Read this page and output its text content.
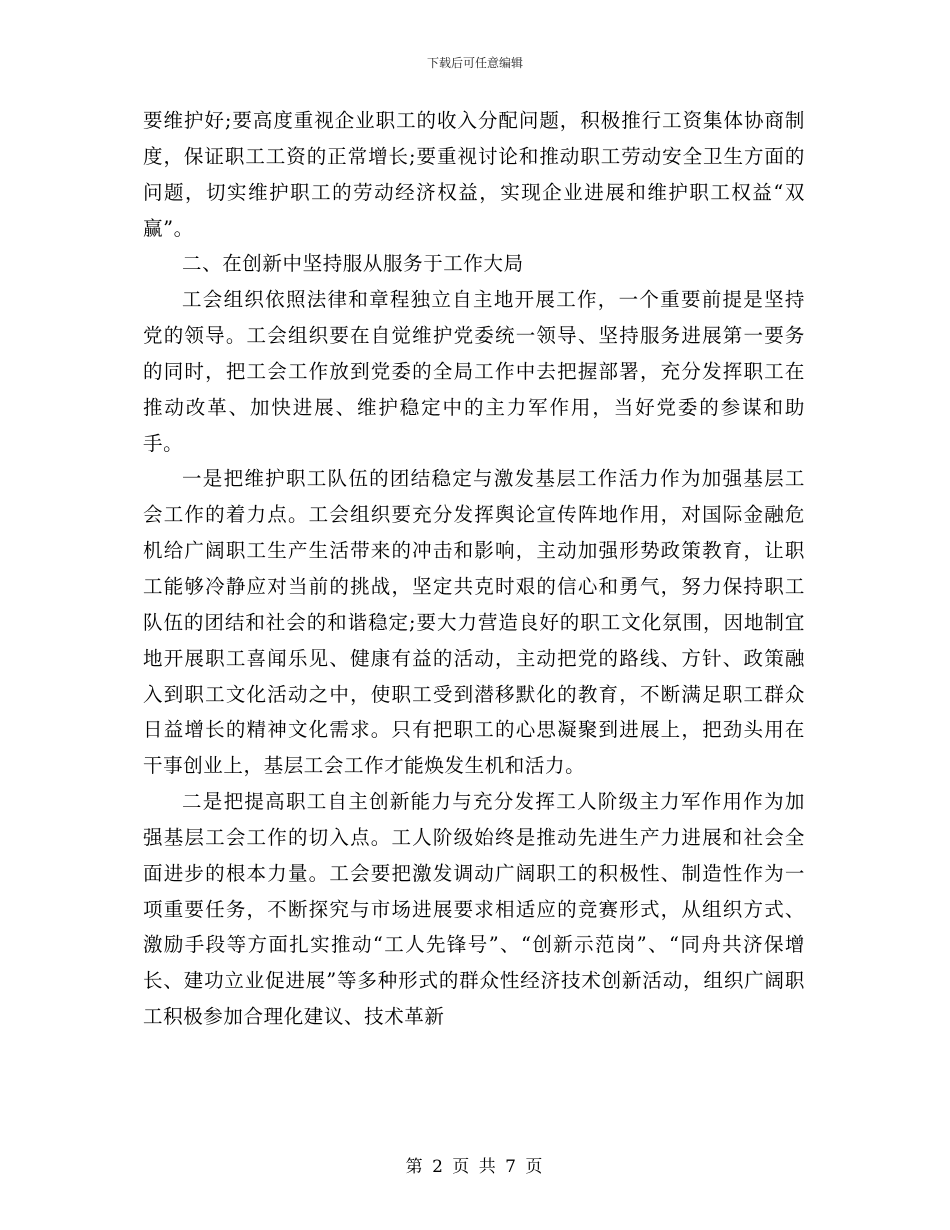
下载后可任意编辑

要维护好;要高度重视企业职工的收入分配问题，积极推行工资集体协商制度，保证职工工资的正常增长;要重视讨论和推动职工劳动安全卫生方面的问题，切实维护职工的劳动经济权益，实现企业进展和维护职工权益“双赢”。

二、在创新中坚持服从服务于工作大局

工会组织依照法律和章程独立自主地开展工作，一个重要前提是坚持党的领导。工会组织要在自觉维护党委统一领导、坚持服务进展第一要务的同时，把工会工作放到党委的全局工作中去把握部署，充分发挥职工在推动改革、加快进展、维护稳定中的主力军作用，当好党委的参谋和助手。

一是把维护职工队伍的团结稳定与激发基层工作活力作为加强基层工会工作的着力点。工会组织要充分发挥舆论宣传阵地作用，对国际金融危机给广阔职工生产生活带来的冲击和影响，主动加强形势政策教育，让职工能够冷静应对当前的挑战，坚定共克时艰的信心和勇气，努力保持职工队伍的团结和社会的和谐稳定;要大力营造良好的职工文化氛围，因地制宜地开展职工喜闻乐见、健康有益的活动，主动把党的路线、方针、政策融入到职工文化活动之中，使职工受到潜移默化的教育，不断满足职工群众日益增长的精神文化需求。只有把职工的心思凝聚到进展上，把劲头用在干事创业上，基层工会工作才能焕发生机和活力。

二是把提高职工自主创新能力与充分发挥工人阶级主力军作用作为加强基层工会工作的切入点。工人阶级始终是推动先进生产力进展和社会全面进步的根本力量。工会要把激发调动广阔职工的积极性、制造性作为一项重要任务，不断探究与市场进展要求相适应的竞赛形式，从组织方式、激励手段等方面扎实推动“工人先锋号”、“创新示范岗”、“同舟共济保增长、建功立业促进展”等多种形式的群众性经济技术创新活动，组织广阔职工积极参加合理化建议、技术革新

第 2 页 共 7 页
